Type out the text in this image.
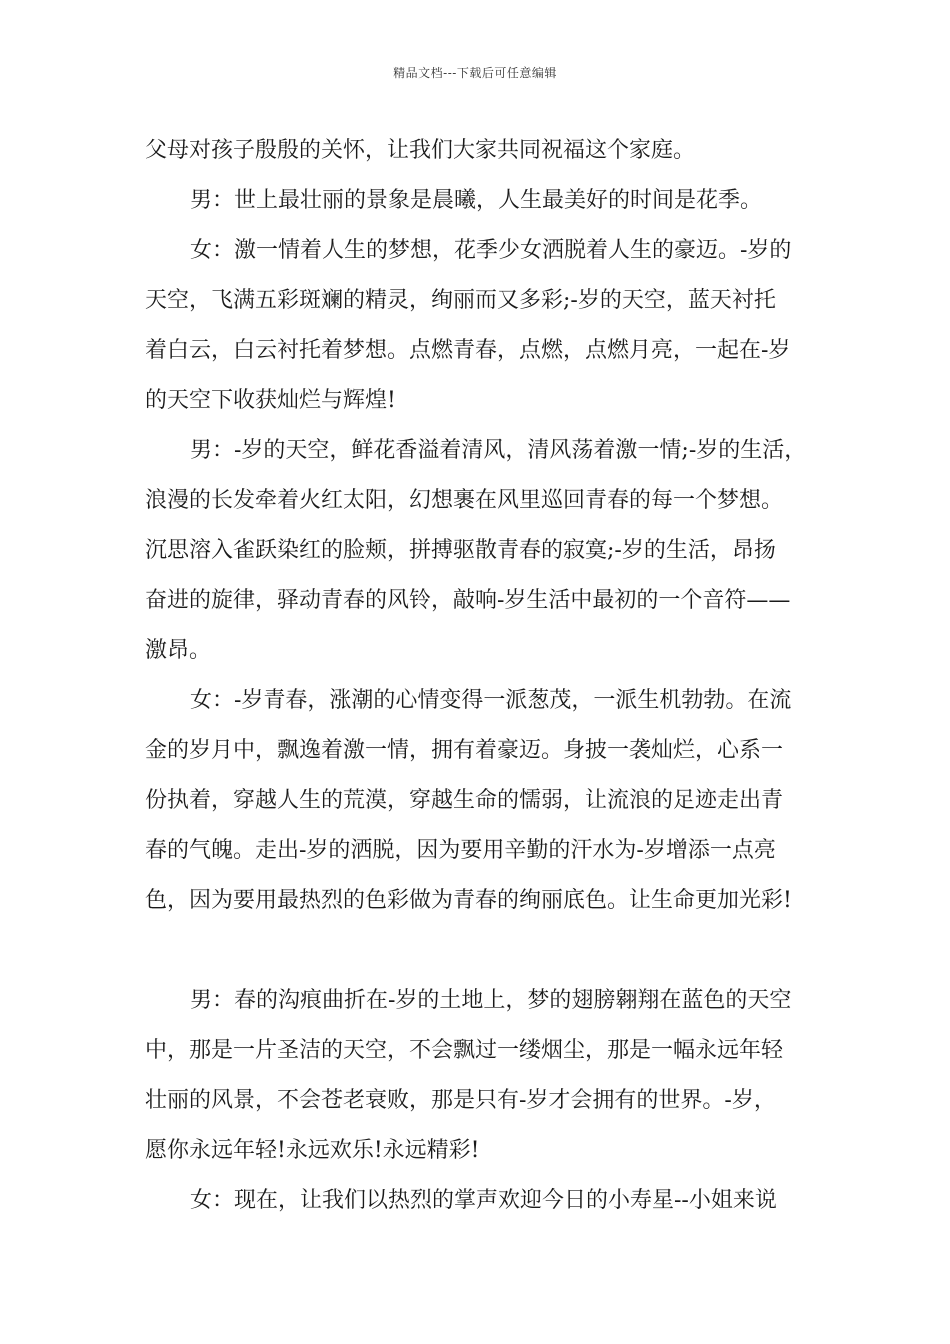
精品文档---下载后可任意编辑
父母对孩子殷殷的关怀，让我们大家共同祝福这个家庭。
男：世上最壮丽的景象是晨曦，人生最美好的时间是花季。
女：激一情着人生的梦想，花季少女洒脱着人生的豪迈。-岁的
天空，飞满五彩斑斓的精灵，绚丽而又多彩;-岁的天空，蓝天衬托
着白云，白云衬托着梦想。点燃青春，点燃，点燃月亮，一起在-岁
的天空下收获灿烂与辉煌!
男：-岁的天空，鲜花香溢着清风，清风荡着激一情;-岁的生活，
浪漫的长发牵着火红太阳，幻想裹在风里巡回青春的每一个梦想。
沉思溶入雀跃染红的脸颊，拼搏驱散青春的寂寞;-岁的生活，昂扬
奋进的旋律，驿动青春的风铃，敲响-岁生活中最初的一个音符——
激昂。
女：-岁青春，涨潮的心情变得一派葱茂，一派生机勃勃。在流
金的岁月中，飘逸着激一情，拥有着豪迈。身披一袭灿烂，心系一
份执着，穿越人生的荒漠，穿越生命的懦弱，让流浪的足迹走出青
春的气魄。走出-岁的洒脱，因为要用辛勤的汗水为-岁增添一点亮
色，因为要用最热烈的色彩做为青春的绚丽底色。让生命更加光彩!
男：春的沟痕曲折在-岁的土地上，梦的翅膀翱翔在蓝色的天空
中，那是一片圣洁的天空，不会飘过一缕烟尘，那是一幅永远年轻
壮丽的风景，不会苍老衰败，那是只有-岁才会拥有的世界。-岁，
愿你永远年轻!永远欢乐!永远精彩!
女：现在，让我们以热烈的掌声欢迎今日的小寿星--小姐来说
